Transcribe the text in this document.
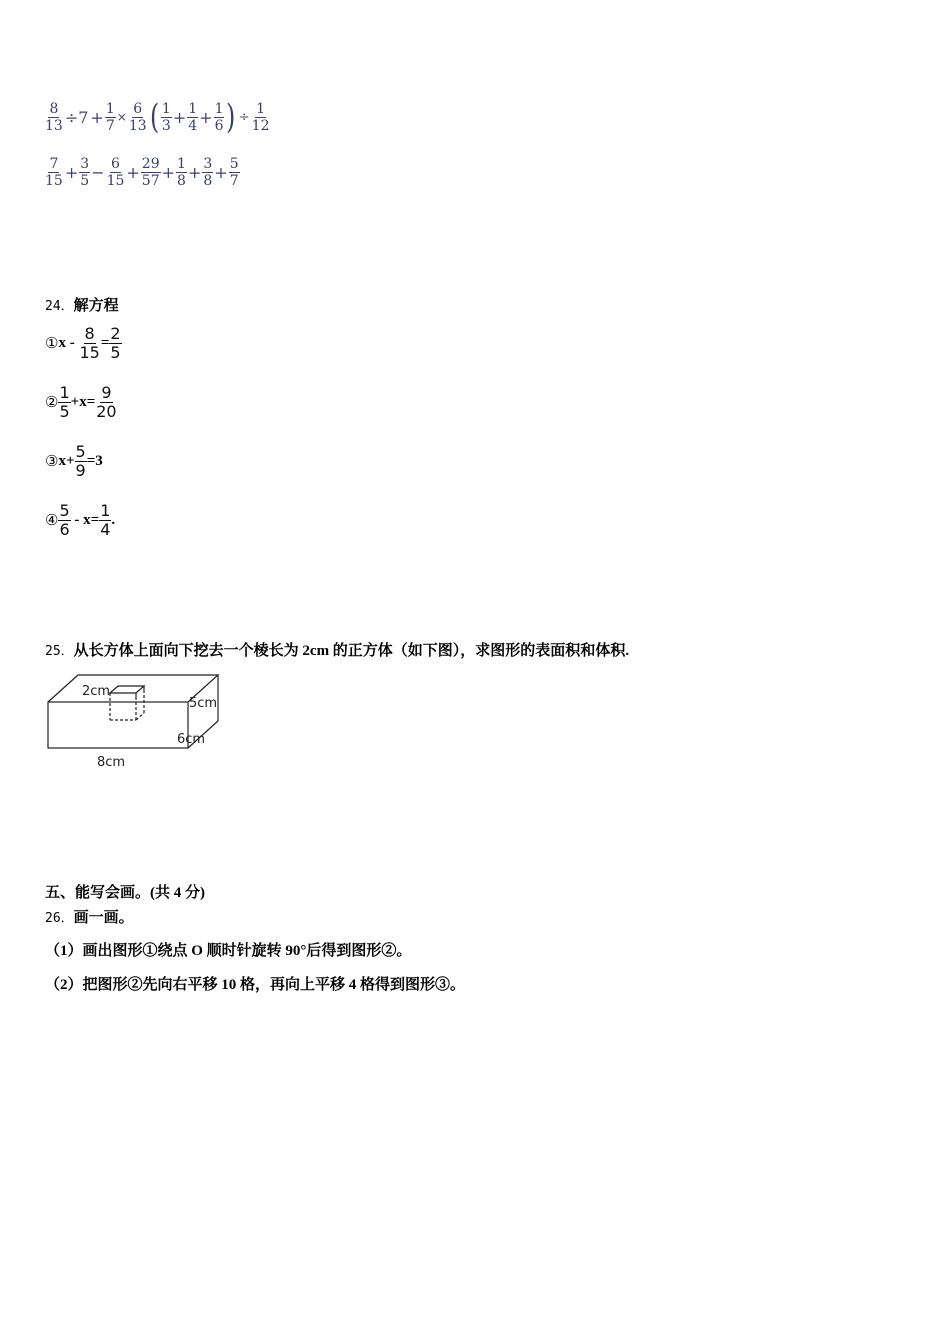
$\frac{8}{13} \div 7 + \frac{1}{7} \times \frac{6}{13}$ ( $\frac{1}{3} + \frac{1}{4} + \frac{1}{6}$ ) ÷ $\frac{1}{12}$
$\frac{7}{15} + \frac{3}{5} - \frac{6}{15} + \frac{29}{57} + \frac{1}{8} + \frac{3}{8} + \frac{5}{7}$
24．解方程
① $x - \frac{8}{15} = \frac{2}{5}$
② $\frac{1}{5} +x= \frac{9}{20}$
③ $x+ \frac{5}{9} =3$
④ $\frac{5}{6} - x= \frac{1}{4}$ .
25．从长方体上面向下挖去一个棱长为 2cm 的正方体（如下图），求图形的表面积和体积.
2cm
5cm
6cm
8cm
五、能写会画。(共 4 分)
26．画一画。
（1）画出图形①绕点 O 顺时针旋转 90°后得到图形②。
（2）把图形②先向右平移 10 格，再向上平移 4 格得到图形③。
